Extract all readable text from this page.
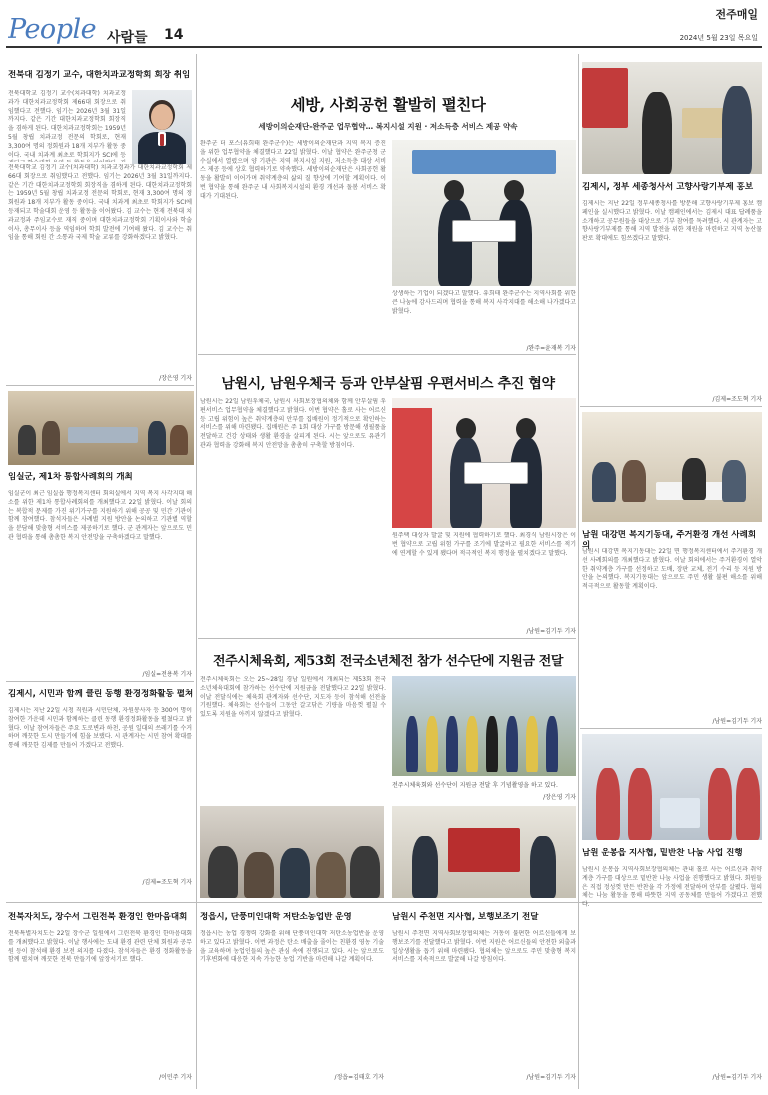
People 사람들 14
전주매일
2024년 5월 23일 목요일
전북대 김정기 교수, 대한치과교정학회 회장 취임
전북대학교 김정기 교수(치과대학) 치과교정과가 대한치과교정학회 제66대 회장으로 취임했다고 전했다. 임기는 2026년 3월 31일까지다. 같은 기간 대한치과교정학회 회장직을 겸하게 된다. 대한치과교정학회는 1959년 5월 창립 치과교정 전문의 학회로, 현재 3,300여 명의 정회원과 18개 지부가 활동 중이다. 국내 치과계 최초로 학회지가 SCI에 등
전북대학교 김정기 교수(치과대학) 치과교정과가 대한치과교정학회 제66대 회장으로 취임했다고 전했다. 임기는 2026년 3월 31일까지다. 같은 기간 대한치과교정학회 회장직을 겸하게 된다. 대한치과교정학회는 1959년 5월 창립 치과교정 전문의 학회로, 현재 3,300여 명의 정회원과 18개 지부가 활동 중이다. 국내 치과계 최초로 학회지가 SCI에 등재되고 학술대회 운영 등 활동을 이어왔다. 김 교수는 현재 전북대 치과교정과 주임교수로 재직 중이며 대한치과교정학회 기획이사와 학술이사, 총무이사 등을 역임하며 학회 발전에 기여해 왔다. 김 교수는 취임을 통해 회원 간 소통과 국제 학술 교류를 강화하겠다고 밝혔다.
/장은영 기자
임실군, 제1차 통합사례회의 개최
임실군이 최근 임실읍 행정복지센터 회의실에서 지역 복지 사각지대 해소를 위한 제1차 통합사례회의를 개최했다고 22일 밝혔다. 이날 회의는 복합적 문제를 가진 위기가구를 지원하기 위해 공공 및 민간 기관이 함께 참여했다. 참석자들은 사례별 지원 방안을 논의하고 기관별 역할을 분담해 맞춤형 서비스를 제공하기로 했다. 군 관계자는 앞으로도 민관 협력을 통해 촘촘한 복지 안전망을 구축하겠다고 말했다.
/임실=전용복 기자
김제시, 시민과 함께 클린 동행 환경정화활동 펼쳐
김제시는 지난 22일 시청 직원과 시민단체, 자원봉사자 등 300여 명이 참여한 가운데 시민과 함께하는 클린 동행 환경정화활동을 펼쳤다고 밝혔다. 이날 참여자들은 주요 도로변과 하천, 공원 일대의 쓰레기를 수거하며 깨끗한 도시 만들기에 힘을 보탰다. 시 관계자는 시민 참여 확대를 통해 깨끗한 김제를 만들어 가겠다고 전했다.
/김제=조도혁 기자
세방, 사회공헌 활발히 펼친다
세방이의순재단-완주군 업무협약… 복지시설 지원 · 저소득층 서비스 제공 약속
완주군 더 포스(유희태 완주군수)는 세방이의순재단과 지역 복지 증진을 위한 업무협약을 체결했다고 22일 밝혔다. 이날 협약은 완주군청 군수실에서 열렸으며 양 기관은 지역 복지시설 지원, 저소득층 대상 서비스 제공 등에 상호 협력하기로 약속했다. 세방이의순재단은 사회공헌 활동을 활발히 이어가며 취약계층의 삶의 질 향상에 기여할 계획이다. 이번 협약을 통해 완주군 내 사회복지시설의 환경 개선과 돌봄 서비스 확대가 기대된다.
상생하는 기업이 되겠다고 말했다. 유희태 완주군수는 지역사회를 위한 큰 나눔에 감사드리며 협력을 통해 복지 사각지대를 해소해 나가겠다고 밝혔다.
/완주=윤재복 기자
남원시, 남원우체국 등과 안부살핌 우편서비스 추진 협약
남원시는 22일 남원우체국, 남원시 사회보장협의체와 함께 안부살핌 우편서비스 업무협약을 체결했다고 밝혔다. 이번 협약은 홀로 사는 어르신 등 고립 위험이 높은 취약계층의 안부를 집배원이 정기적으로 확인하는 서비스를 위해 마련됐다. 집배원은 주 1회 대상 가구를 방문해 생필품을 전달하고 건강 상태와 생활 환경을 살피게 된다. 시는 앞으로도 유관기관과 협력을 강화해 복지 안전망을 촘촘히 구축할 방침이다.
원주택 대상자 발굴 및 지원에 협력하기로 했다. 최경식 남원시장은 이번 협약으로 고립 위험 가구를 조기에 발굴하고 필요한 서비스를 적기에 연계할 수 있게 됐다며 적극적인 복지 행정을 펼치겠다고 말했다.
/남원=김기두 기자
전주시체육회, 제53회 전국소년체전 참가 선수단에 지원금 전달
전주시체육회는 오는 25~28일 경남 일원에서 개최되는 제53회 전국소년체육대회에 참가하는 선수단에 지원금을 전달했다고 22일 밝혔다. 이날 전달식에는 체육회 관계자와 선수단, 지도자 등이 참석해 선전을 기원했다. 체육회는 선수들이 그동안 갈고닦은 기량을 마음껏 펼칠 수 있도록 지원을 아끼지 않겠다고 밝혔다.
전주시체육회와 선수단이 지원금 전달 후 기념촬영을 하고 있다.
/장은영 기자
전북자치도, 장수서 그린전북 환경인 한마음대회
전북특별자치도는 22일 장수군 일원에서 그린전북 환경인 한마음대회를 개최했다고 밝혔다. 이날 행사에는 도내 환경 관련 단체 회원과 공무원 등이 참석해 환경 보전 의지를 다졌다. 참석자들은 환경 정화활동을 함께 펼치며 깨끗한 전북 만들기에 앞장서기로 했다.
/이민주 기자
정읍시, 단풍미인대학 저탄소농업반 운영
정읍시는 농업 경쟁력 강화를 위해 단풍미인대학 저탄소농업반을 운영하고 있다고 밝혔다. 이번 과정은 탄소 배출을 줄이는 친환경 영농 기술을 교육하며 농업인들의 높은 관심 속에 진행되고 있다. 시는 앞으로도 기후변화에 대응한 지속 가능한 농업 기반을 마련해 나갈 계획이다.
/정읍=김태호 기자
남원시 주천면 지사협, 보행보조기 전달
남원시 주천면 지역사회보장협의체는 거동이 불편한 어르신들에게 보행보조기를 전달했다고 밝혔다. 이번 지원은 어르신들의 안전한 외출과 일상생활을 돕기 위해 마련됐다. 협의체는 앞으로도 주민 맞춤형 복지 서비스를 지속적으로 발굴해 나갈 방침이다.
/남원=김기두 기자
김제시, 정부 세종청사서 고향사랑기부제 홍보
김제시는 지난 22일 정부세종청사를 방문해 고향사랑기부제 홍보 캠페인을 실시했다고 밝혔다. 이날 캠페인에서는 김제시 대표 답례품을 소개하고 공무원들을 대상으로 기부 참여를 독려했다. 시 관계자는 고향사랑기부제를 통해 지역 발전을 위한 재원을 마련하고 지역 농산물 판로 확대에도 힘쓰겠다고 말했다.
/김제=조도혁 기자
남원 대강면 복지기동대, 주거환경 개선 사례회의
남원시 대강면 복지기동대는 22일 면 행정복지센터에서 주거환경 개선 사례회의를 개최했다고 밝혔다. 이날 회의에서는 주거환경이 열악한 취약계층 가구를 선정하고 도배, 장판 교체, 전기 수리 등 지원 방안을 논의했다. 복지기동대는 앞으로도 주민 생활 불편 해소를 위해 적극적으로 활동할 계획이다.
/남원=김기두 기자
남원 운봉읍 지사협, 밑반찬 나눔 사업 진행
남원시 운봉읍 지역사회보장협의체는 관내 홀로 사는 어르신과 취약계층 가구를 대상으로 밑반찬 나눔 사업을 진행했다고 밝혔다. 회원들은 직접 정성껏 만든 반찬을 각 가정에 전달하며 안부를 살폈다. 협의체는 나눔 활동을 통해 따뜻한 지역 공동체를 만들어 가겠다고 전했다.
/남원=김기두 기자
